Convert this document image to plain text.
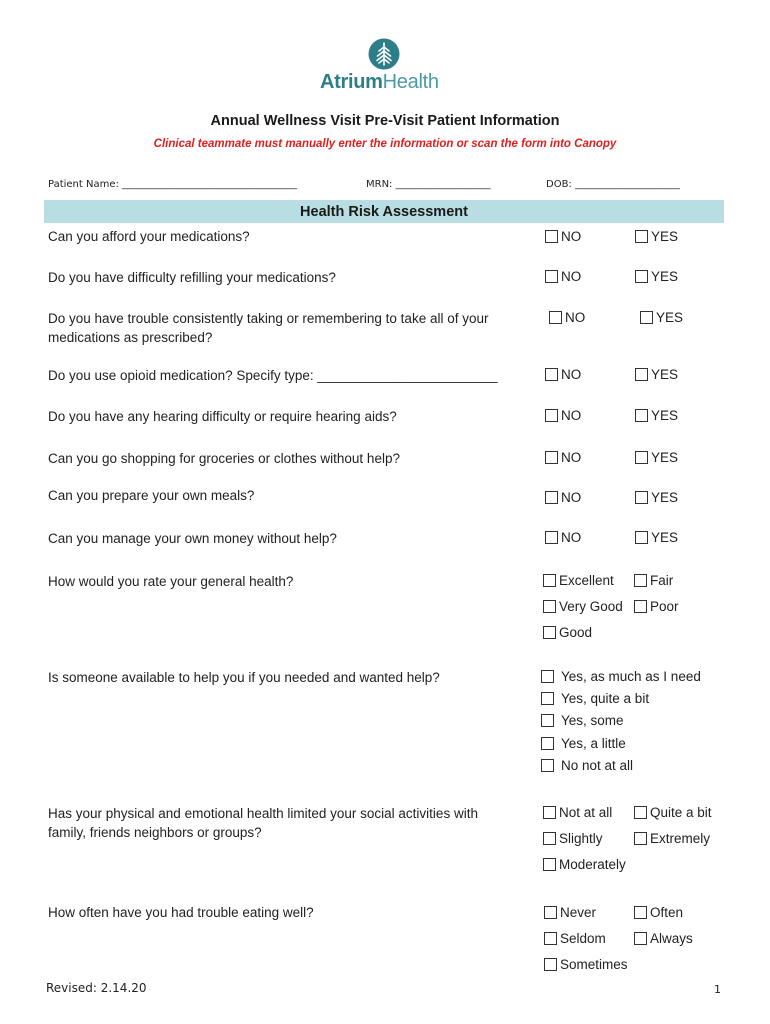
AtriumHealth
Annual Wellness Visit Pre-Visit Patient Information
Clinical teammate must manually enter the information or scan the form into Canopy
Patient Name: ___________________________________	MRN: ___________________	DOB: _____________________
Health Risk Assessment
Can you afford your medications?	NO	YES
Do you have difficulty refilling your medications?	NO	YES
Do you have trouble consistently taking or remembering to take all of your medications as prescribed?
NO	YES
Do you use opioid medication? Specify type: ________________________	NO	YES
Do you have any hearing difficulty or require hearing aids?	NO	YES
Can you go shopping for groceries or clothes without help?	NO	YES
Can you prepare your own meals?	NO	YES
Can you manage your own money without help?	NO	YES
How would you rate your general health?	Excellent	Fair
Very Good	Poor
Good
Is someone available to help you if you needed and wanted help?	Yes, as much as I need
Yes, quite a bit
Yes, some
Yes, a little
No not at all
Has your physical and emotional health limited your social activities with family, friends neighbors or groups?
Not at all	Quite a bit
Slightly	Extremely
Moderately
How often have you had trouble eating well?	Never	Often
Seldom	Always
Sometimes
Revised: 2.14.20	1
